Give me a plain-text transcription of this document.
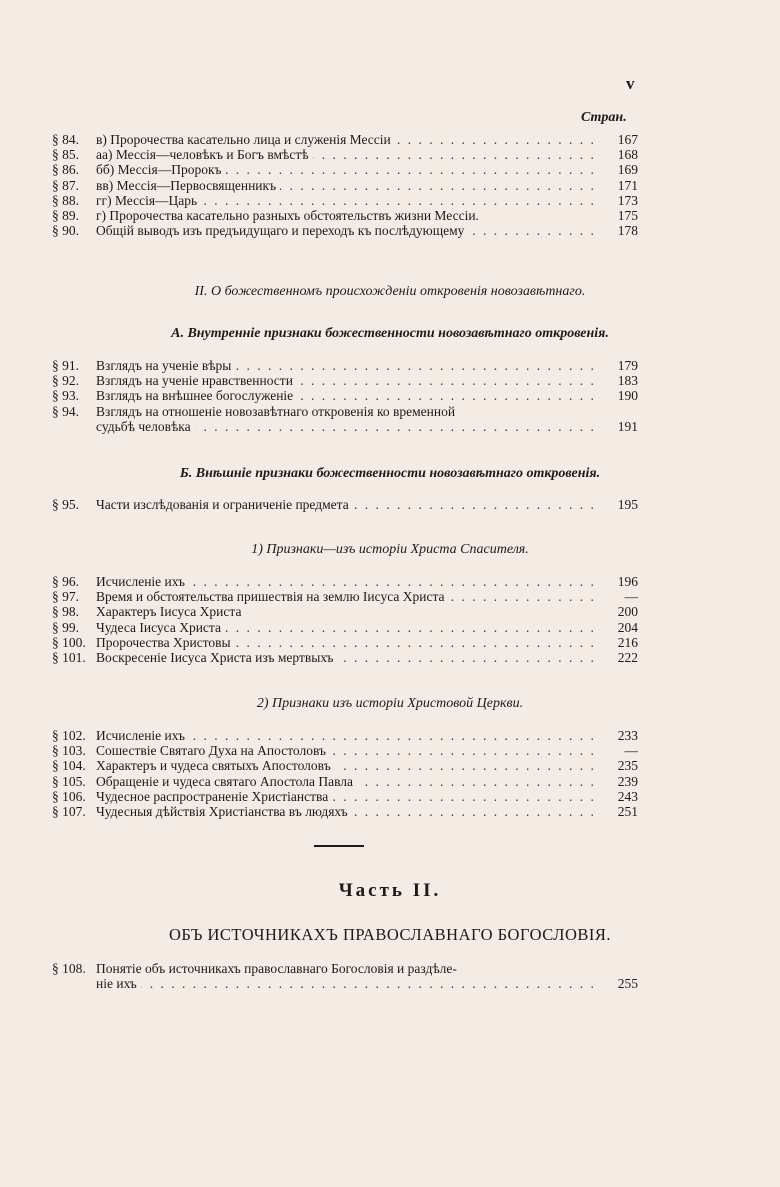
v
Стран.
§ 84.	в) Пророчества касательно лица и служенія Мессіи . . .	167
§ 85.	аа) Мессія—человѣкъ и Богъ вмѣстѣ . . .	168
§ 86.	бб) Мессія—Пророкъ . . .	169
§ 87.	вв) Мессія—Первосвященникъ . . .	171
§ 88.	гг) Мессія—Царь . . .	173
§ 89.	г) Пророчества касательно разныхъ обстоятельствъ жизни Мессіи.	175
§ 90.	Общій выводъ изъ предъидущаго и переходъ къ послѣдующему . . .	178
II. О божественномъ происхожденіи откровенія новозавѣтнаго.
А. Внутренніе признаки божественности новозавѣтнаго откровенія.
§ 91.	Взглядъ на ученіе вѣры . . .	179
§ 92.	Взглядъ на ученіе нравственности . . .	183
§ 93.	Взглядъ на внѣшнее богослуженіе . . .	190
§ 94.	Взглядъ на отношеніе новозавѣтнаго откровенія ко временной
судьбѣ человѣка . . .	191
Б. Внѣшніе признаки божественности новозавѣтнаго откровенія.
§ 95.	Части изслѣдованія и ограниченіе предмета . . .	195
1) Признаки—изъ исторіи Христа Спасителя.
§ 96.	Исчисленіе ихъ . . .	196
§ 97.	Время и обстоятельства пришествія на землю Іисуса Христа . . .	—
§ 98.	Характеръ Іисуса Христа	200
§ 99.	Чудеса Іисуса Христа . . .	204
§ 100. Пророчества Христовы . . .	216
§ 101. Воскресеніе Іисуса Христа изъ мертвыхъ . . .	222
2) Признаки изъ исторіи Христовой Церкви.
§ 102. Исчисленіе ихъ . . .	233
§ 103. Сошествіе Святаго Духа на Апостоловъ . . .	—
§ 104. Характеръ и чудеса святыхъ Апостоловъ . . .	235
§ 105. Обращеніе и чудеса святаго Апостола Павла . . .	239
§ 106. Чудесное распространеніе Христіанства . . .	243
§ 107. Чудесныя дѣйствія Христіанства въ людяхъ . . .	251
Часть II.
ОБЪ ИСТОЧНИКАХЪ ПРАВОСЛАВНАГО БОГОСЛОВІЯ.
§ 108. Понятіе объ источникахъ православнаго Богословія и раздѣле-
ніе ихъ . . .	255
